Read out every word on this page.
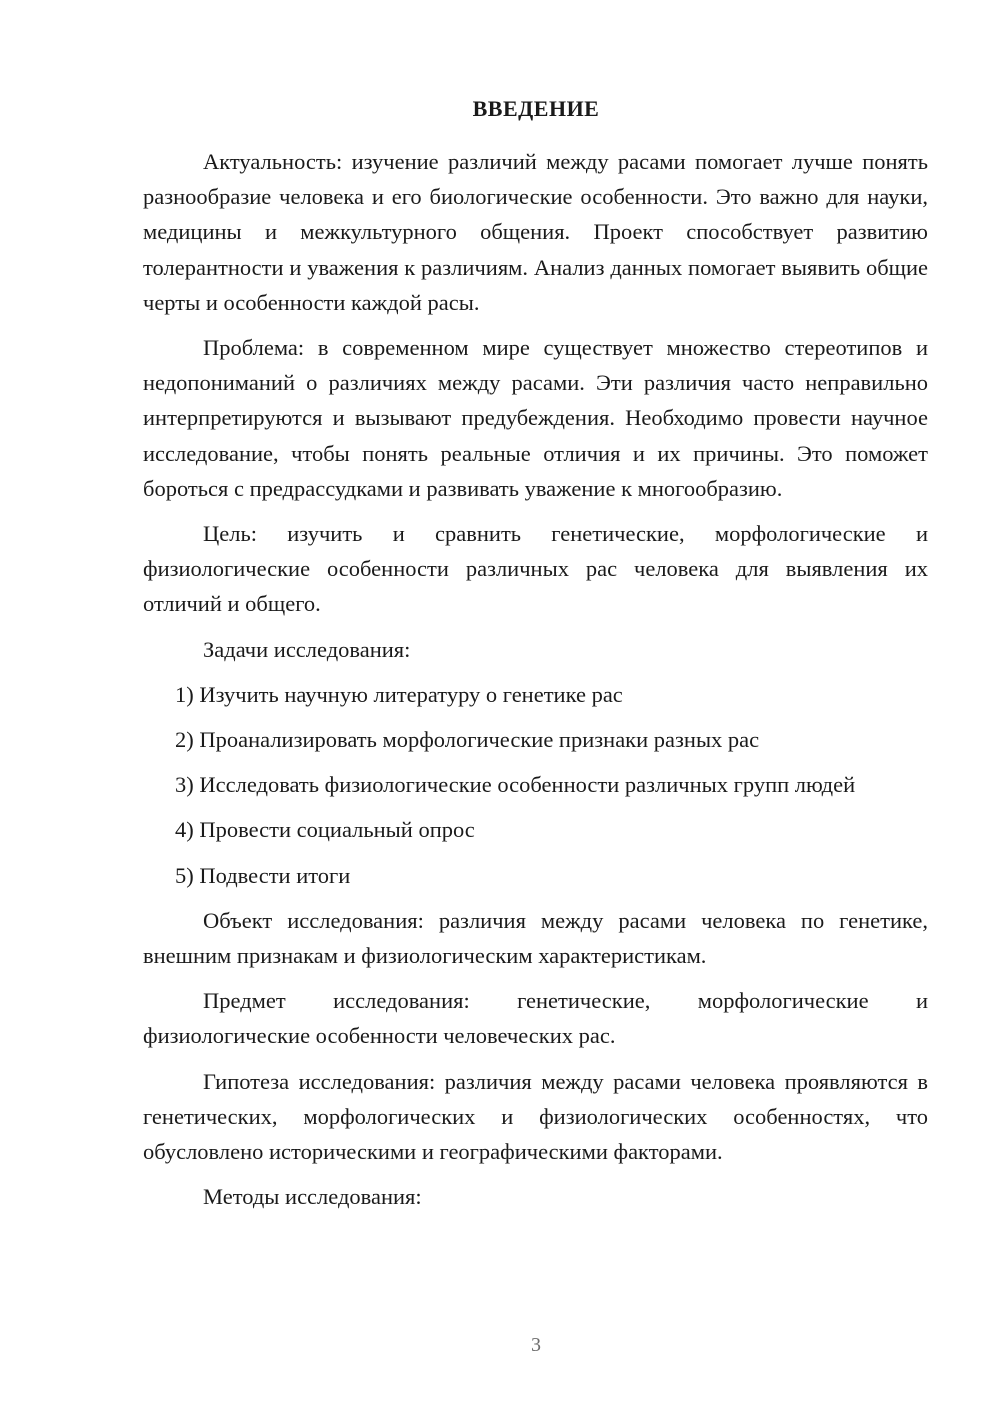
ВВЕДЕНИЕ

Актуальность: изучение различий между расами помогает лучше понять разнообразие человека и его биологические особенности. Это важно для науки, медицины и межкультурного общения. Проект способствует развитию толерантности и уважения к различиям. Анализ данных помогает выявить общие черты и особенности каждой расы.

Проблема: в современном мире существует множество стереотипов и недопониманий о различиях между расами. Эти различия часто неправильно интерпретируются и вызывают предубеждения. Необходимо провести научное исследование, чтобы понять реальные отличия и их причины. Это поможет бороться с предрассудками и развивать уважение к многообразию.

Цель: изучить и сравнить генетические, морфологические и физиологические особенности различных рас человека для выявления их отличий и общего.

Задачи исследования:

1) Изучить научную литературу о генетике рас

2) Проанализировать морфологические признаки разных рас

3) Исследовать физиологические особенности различных групп людей

4) Провести социальный опрос

5) Подвести итоги

Объект исследования: различия между расами человека по генетике, внешним признакам и физиологическим характеристикам.

Предмет исследования: генетические, морфологические и физиологические особенности человеческих рас.

Гипотеза исследования: различия между расами человека проявляются в генетических, морфологических и физиологических особенностях, что обусловлено историческими и географическими факторами.

Методы исследования:

3
